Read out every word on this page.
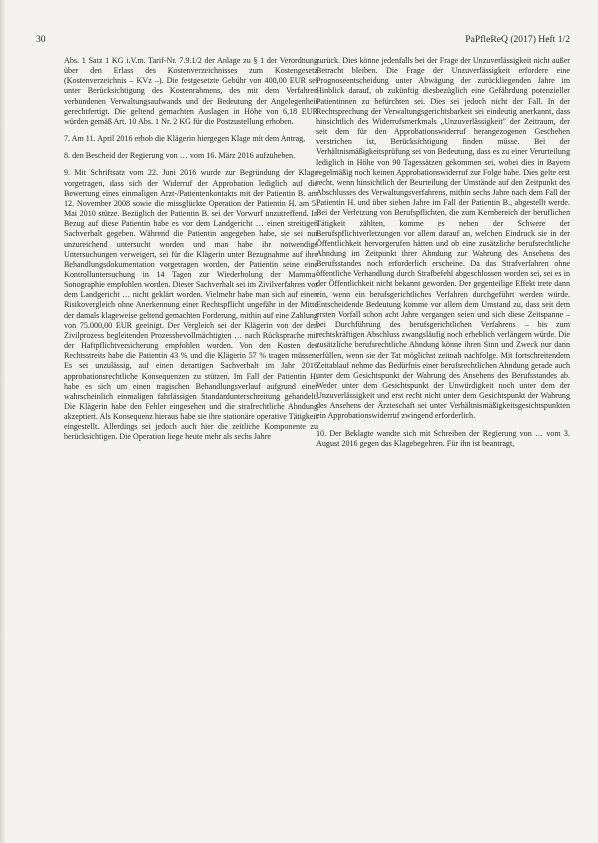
30	PaPfleReQ (2017) Heft 1/2

Abs. 1 Satz 1 KG i.V.m. Tarif-Nr. 7.9.1/2 der Anlage zu § 1 der Verordnung über den Erlass des Kostenverzeichnisses zum Kostengesetz (Kostenverzeichnis – KVz –). Die festgesetzte Gebühr von 400,00 EUR sei unter Berücksichtigung des Kostenrahmens, des mit dem Verfahren verbundenen Verwaltungsaufwands und der Bedeutung der Angelegenheit gerechtfertigt. Die geltend gemachten Auslagen in Höhe von 6,18 EUR würden gemäß Art. 10 Abs. 1 Nr. 2 KG für die Postzustellung erhoben.

7. Am 11. April 2016 erhob die Klägerin hiergegen Klage mit dem Antrag,

8. den Bescheid der Regierung von … vom 16. März 2016 aufzuheben.

9. Mit Schriftsatz vom 22. Juni 2016 wurde zur Begründung der Klage vorgetragen, dass sich der Widerruf der Approbation lediglich auf die Bewertung eines einmaligen Arzt-/Patientenkontakts mit der Patientin B. am 12. November 2008 sowie die missglückte Operation der Patientin H. am 5. Mai 2010 stütze. Bezüglich der Patientin B. sei der Vorwurf unzutreffend. In Bezug auf diese Patientin habe es vor dem Landgericht … einen streitigen Sachverhalt gegeben. Während die Patientin angegeben habe, sie sei nur unzureichend untersucht worden und man habe ihr notwendige Untersuchungen verweigert, sei für die Klägerin unter Bezugnahme auf ihre Behandlungsdokumentation vorgetragen worden, der Patientin seine eine Kontrolluntersuchung in 14 Tagen zur Wiederholung der Mamma-Sonographie empfohlen worden. Dieser Sachverhalt sei im Zivilverfahren vor dem Landgericht … nicht geklärt worden. Vielmehr habe man sich auf einen Risikovergleich ohne Anerkennung einer Rechtspflicht ungefähr in der Mitte der damals klageweise geltend gemachten Forderung, mithin auf eine Zahlung von 75.000,00 EUR geeinigt. Der Vergleich sei der Klägerin von der den Zivilprozess begleitenden Prozessbevollmächtigten … nach Rücksprache mit der Haftpflichtversicherung empfohlen worden. Von den Kosten des Rechtsstreits habe die Patientin 43 % und die Klägerin 57 % tragen müssen. Es sei unzulässig, auf einen derartigen Sachverhalt im Jahr 2016 approbationsrechtliche Konsequenzen zu stützen. Im Fall der Patientin H. habe es sich um einen tragischen Behandlungsverlauf aufgrund einer wahrscheinlich einmaligen fahrlässigen Standardunterschreitung gehandelt. Die Klägerin habe den Fehler eingesehen und die strafrechtliche Ahndung akzeptiert. Als Konsequenz hieraus habe sie ihre stationäre operative Tätigkeit eingestellt. Allerdings sei jedoch auch hier die zeitliche Komponente zu berücksichtigen. Die Operation liege heute mehr als sechs Jahre

zurück. Dies könne jedenfalls bei der Frage der Unzuverlässigkeit nicht außer Betracht bleiben. Die Frage der Unzuverlässigkeit erfordere eine Prognoseentscheidung unter Abwägung der zurückliegenden Jahre im Hinblick darauf, ob zukünftig diesbezüglich eine Gefährdung potenzieller Patientinnen zu befürchten sei. Dies sei jedoch nicht der Fall. In der Rechtsprechung der Verwaltungsgerichtsbarkeit sei eindeutig anerkannt, dass hinsichtlich des Widerrufsmerkmals „Unzuverlässigkeit" der Zeitraum, der seit dem für den Approbationswiderruf herangezogenen Geschehen verstrichen ist, Berücksichtigung finden müsse. Bei der Verhältnismäßigkeitsprüfung sei von Bedeutung, dass es zu einer Verurteilung lediglich in Höhe von 90 Tagessätzen gekommen sei, wobei dies in Bayern regelmäßig noch keinen Approbationswiderruf zur Folge habe. Dies gelte erst recht, wenn hinsichtlich der Beurteilung der Umstände auf den Zeitpunkt des Abschlusses des Verwaltungsverfahrens, mithin sechs Jahre nach dem Fall der Patientin H. und über sieben Jahre im Fall der Patientin B., abgestellt werde. Bei der Verletzung von Berufspflichten, die zum Kernbereich der beruflichen Tätigkeit zählten, komme es neben der Schwere der Berufspflichtverletzungen vor allem darauf an, welchen Eindruck sie in der Öffentlichkeit hervorgerufen hätten und ob eine zusätzliche berufsrechtliche Ahndung im Zeitpunkt ihrer Ahndung zur Wahrung des Ansehens des Berufsstandes noch erforderlich erscheine. Da das Strafverfahren ohne öffentliche Verhandlung durch Strafbefehl abgeschlossen worden sei, sei es in der Öffentlichkeit nicht bekannt geworden. Der gegenteilige Effekt trete dann ein, wenn ein berufsgerichtliches Verfahren durchgeführt werden würde. Entscheidende Bedeutung komme vor allem dem Umstand zu, dass seit dem ersten Vorfall schon acht Jahre vergangen seien und sich diese Zeitspanne – bei Durchführung des berufsgerichtlichen Verfahrens – bis zum rechtskräftigen Abschluss zwangsläufig noch erheblich verlängern würde. Die zusätzliche berufsrechtliche Ahndung könne ihren Sinn und Zweck nur dann erfüllen, wenn sie der Tat möglichst zeitnah nachfolge. Mit fortschreitendem Zeitablauf nehme das Bedürfnis einer berufsrechtlichen Ahndung gerade auch unter dem Gesichtspunkt der Wahrung des Ansehens des Berufsstandes ab. Weder unter dem Gesichtspunkt der Unwürdigkeit noch unter dem der Unzuverlässigkeit und erst recht nicht unter dem Gesichtspunkt der Wahrung des Ansehens der Ärzteschaft sei unter Verhältnismäßigkeitsgesichtspunkten ein Approbationswiderruf zwingend erforderlich.

10. Der Beklagte wandte sich mit Schreiben der Regierung von … vom 3. August 2016 gegen das Klagebegehren. Für ihn ist beantragt,
